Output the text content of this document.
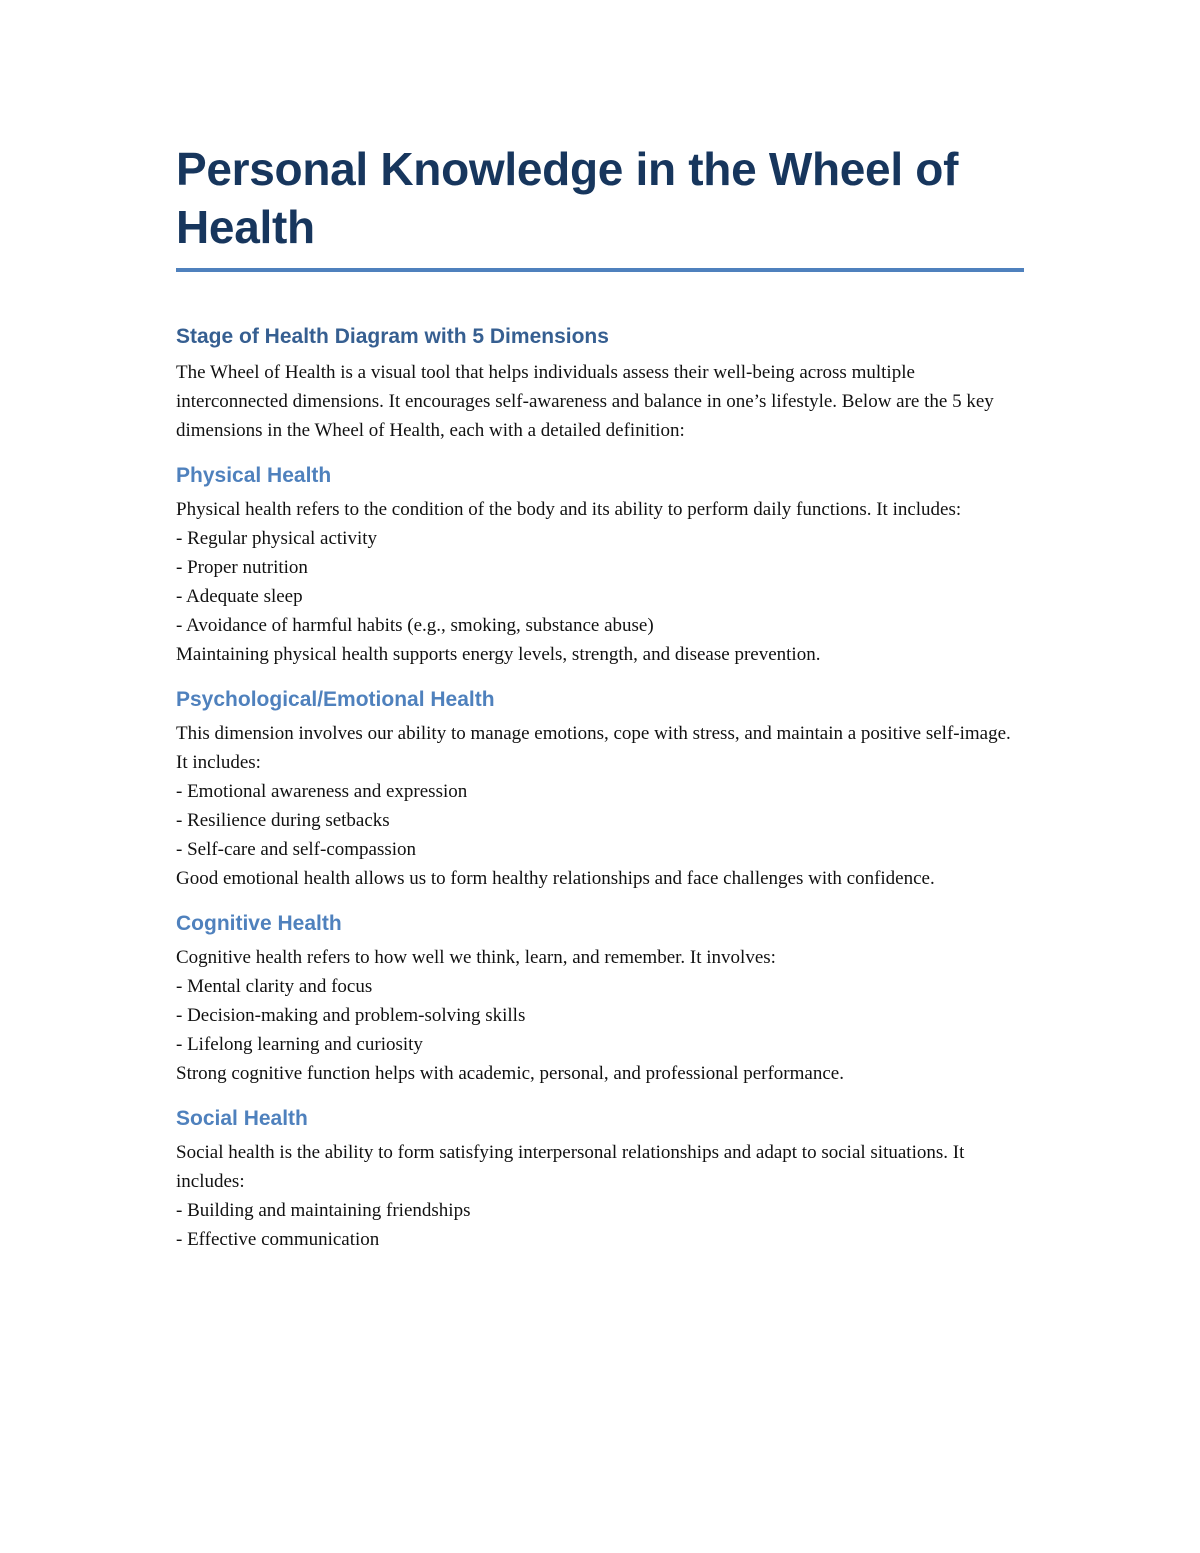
Personal Knowledge in the Wheel of Health
Stage of Health Diagram with 5 Dimensions

The Wheel of Health is a visual tool that helps individuals assess their well-being across multiple interconnected dimensions. It encourages self-awareness and balance in one’s lifestyle. Below are the 5 key dimensions in the Wheel of Health, each with a detailed definition:

Physical Health

Physical health refers to the condition of the body and its ability to perform daily functions. It includes:

- Regular physical activity
- Proper nutrition
- Adequate sleep
- Avoidance of harmful habits (e.g., smoking, substance abuse)
Maintaining physical health supports energy levels, strength, and disease prevention.
Psychological/Emotional Health

This dimension involves our ability to manage emotions, cope with stress, and maintain a positive self-image. It includes:

- Emotional awareness and expression
- Resilience during setbacks
- Self-care and self-compassion
Good emotional health allows us to form healthy relationships and face challenges with confidence.
Cognitive Health

Cognitive health refers to how well we think, learn, and remember. It involves:

- Mental clarity and focus
- Decision-making and problem-solving skills
- Lifelong learning and curiosity
Strong cognitive function helps with academic, personal, and professional performance.
Social Health

Social health is the ability to form satisfying interpersonal relationships and adapt to social situations. It includes:

- Building and maintaining friendships
- Effective communication
